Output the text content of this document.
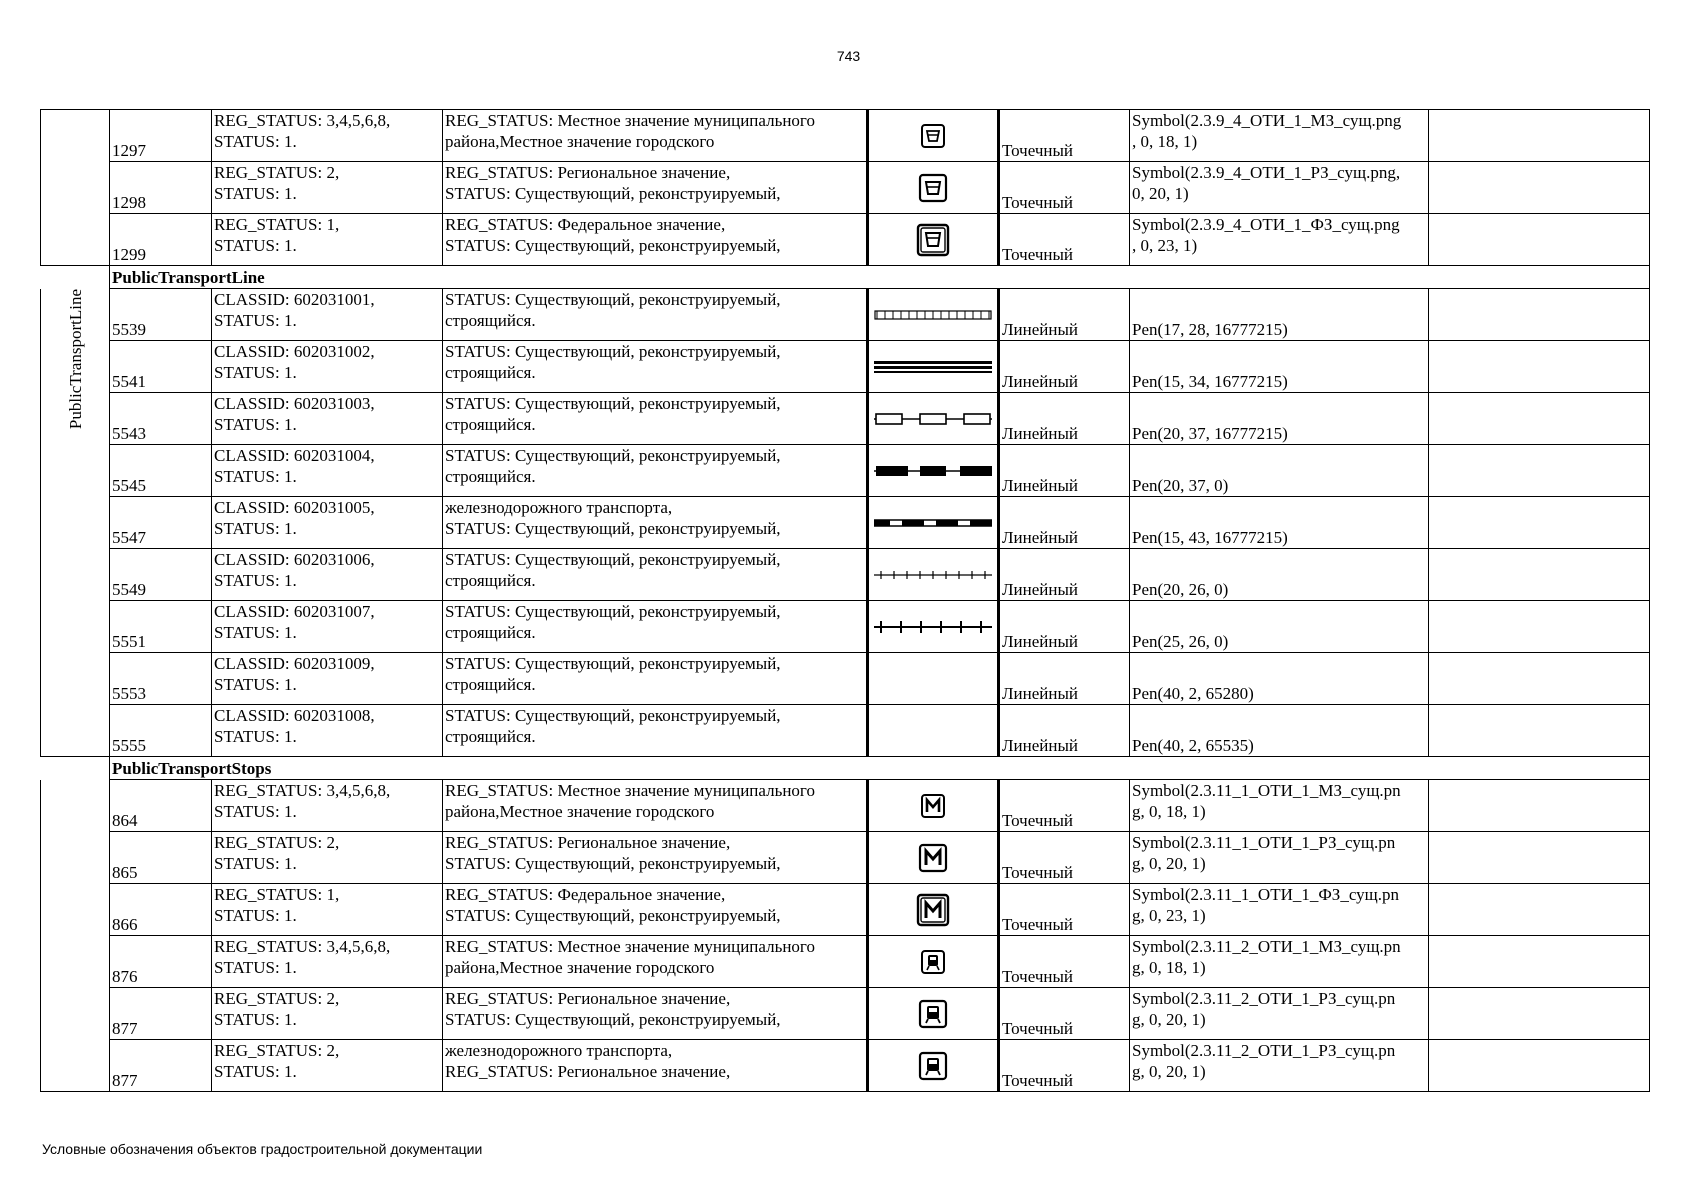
743
	1297	REG_STATUS: 3,4,5,6,8,
STATUS: 1.	REG_STATUS: Местное значение муниципального
района,Местное значение городского		Точечный	Symbol(2.3.9_4_ОТИ_1_МЗ_сущ.png
, 0, 18, 1)	

	1298	REG_STATUS: 2,
STATUS: 1.	REG_STATUS: Региональное значение,
STATUS: Существующий, реконструируемый,		Точечный	Symbol(2.3.9_4_ОТИ_1_РЗ_сущ.png,
0, 20, 1)	

	1299	REG_STATUS: 1,
STATUS: 1.	REG_STATUS: Федеральное значение,
STATUS: Существующий, реконструируемый,		Точечный	Symbol(2.3.9_4_ОТИ_1_ФЗ_сущ.png
, 0, 23, 1)	

	PublicTransportLine						
PublicTransportLine	5539	CLASSID: 602031001,
STATUS: 1.	STATUS: Существующий, реконструируемый,
строящийся.		Линейный	Pen(17, 28, 16777215)	

	5541	CLASSID: 602031002,
STATUS: 1.	STATUS: Существующий, реконструируемый,
строящийся.		Линейный	Pen(15, 34, 16777215)	

	5543	CLASSID: 602031003,
STATUS: 1.	STATUS: Существующий, реконструируемый,
строящийся.		Линейный	Pen(20, 37, 16777215)	

	5545	CLASSID: 602031004,
STATUS: 1.	STATUS: Существующий, реконструируемый,
строящийся.		Линейный	Pen(20, 37, 0)	

	5547	CLASSID: 602031005,
STATUS: 1.	железнодорожного транспорта,
STATUS: Существующий, реконструируемый,		Линейный	Pen(15, 43, 16777215)	

	5549	CLASSID: 602031006,
STATUS: 1.	STATUS: Существующий, реконструируемый,
строящийся.		Линейный	Pen(20, 26, 0)	

	5551	CLASSID: 602031007,
STATUS: 1.	STATUS: Существующий, реконструируемый,
строящийся.		Линейный	Pen(25, 26, 0)	

	5553	CLASSID: 602031009,
STATUS: 1.	STATUS: Существующий, реконструируемый,
строящийся.		Линейный	Pen(40, 2, 65280)	

	5555	CLASSID: 602031008,
STATUS: 1.	STATUS: Существующий, реконструируемый,
строящийся.		Линейный	Pen(40, 2, 65535)	

	PublicTransportStops						
	864	REG_STATUS: 3,4,5,6,8,
STATUS: 1.	REG_STATUS: Местное значение муниципального
района,Местное значение городского		Точечный	Symbol(2.3.11_1_ОТИ_1_МЗ_сущ.pn
g, 0, 18, 1)	

	865	REG_STATUS: 2,
STATUS: 1.	REG_STATUS: Региональное значение,
STATUS: Существующий, реконструируемый,		Точечный	Symbol(2.3.11_1_ОТИ_1_РЗ_сущ.pn
g, 0, 20, 1)	

	866	REG_STATUS: 1,
STATUS: 1.	REG_STATUS: Федеральное значение,
STATUS: Существующий, реконструируемый,		Точечный	Symbol(2.3.11_1_ОТИ_1_ФЗ_сущ.pn
g, 0, 23, 1)	

	876	REG_STATUS: 3,4,5,6,8,
STATUS: 1.	REG_STATUS: Местное значение муниципального
района,Местное значение городского		Точечный	Symbol(2.3.11_2_ОТИ_1_МЗ_сущ.pn
g, 0, 18, 1)	

	877	REG_STATUS: 2,
STATUS: 1.	REG_STATUS: Региональное значение,
STATUS: Существующий, реконструируемый,		Точечный	Symbol(2.3.11_2_ОТИ_1_РЗ_сущ.pn
g, 0, 20, 1)	

	877	REG_STATUS: 2,
STATUS: 1.	железнодорожного транспорта,
REG_STATUS: Региональное значение,		Точечный	Symbol(2.3.11_2_ОТИ_1_РЗ_сущ.pn
g, 0, 20, 1)	

Условные обозначения объектов градостроительной документации
